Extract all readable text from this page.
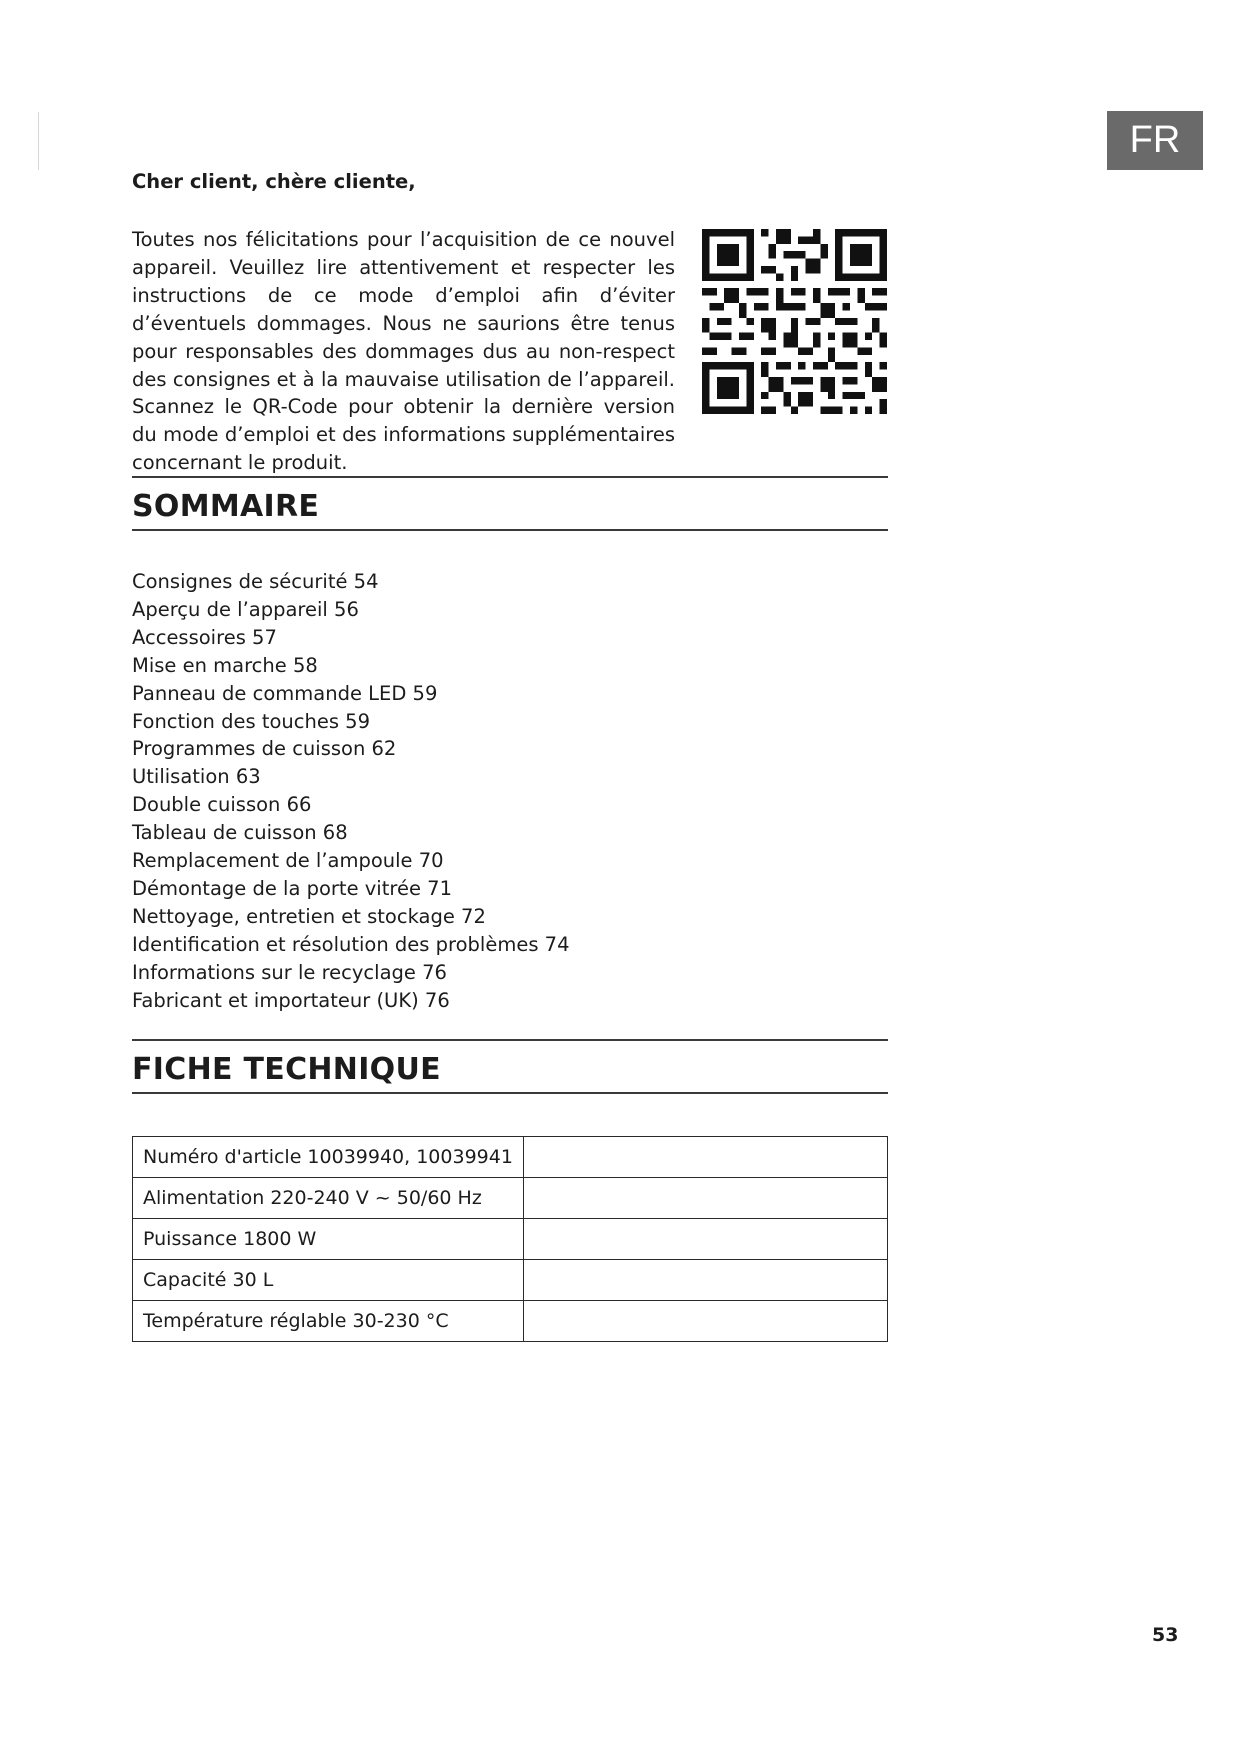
FR
Cher client, chère cliente,
Toutes nos félicitations pour l’acquisition de ce nouvel appareil. Veuillez lire attentivement et respecter les instructions de ce mode d’emploi afin d’éviter d’éventuels dommages. Nous ne saurions être tenus pour responsables des dommages dus au non-respect des consignes et à la mauvaise utilisation de l’appareil. Scannez le QR-Code pour obtenir la dernière version du mode d’emploi et des informations supplémentaires concernant le produit.
SOMMAIRE
Consignes de sécurité 54
Aperçu de l’appareil 56
Accessoires 57
Mise en marche 58
Panneau de commande LED 59
Fonction des touches 59
Programmes de cuisson 62
Utilisation 63
Double cuisson 66
Tableau de cuisson 68
Remplacement de l’ampoule 70
Démontage de la porte vitrée 71
Nettoyage, entretien et stockage 72
Identification et résolution des problèmes 74
Informations sur le recyclage 76
Fabricant et importateur (UK) 76
FICHE TECHNIQUE
Numéro d'article 10039940, 10039941	
Alimentation 220-240 V ~ 50/60 Hz	
Puissance 1800 W	
Capacité 30 L	
Température réglable 30-230 °C	
53
